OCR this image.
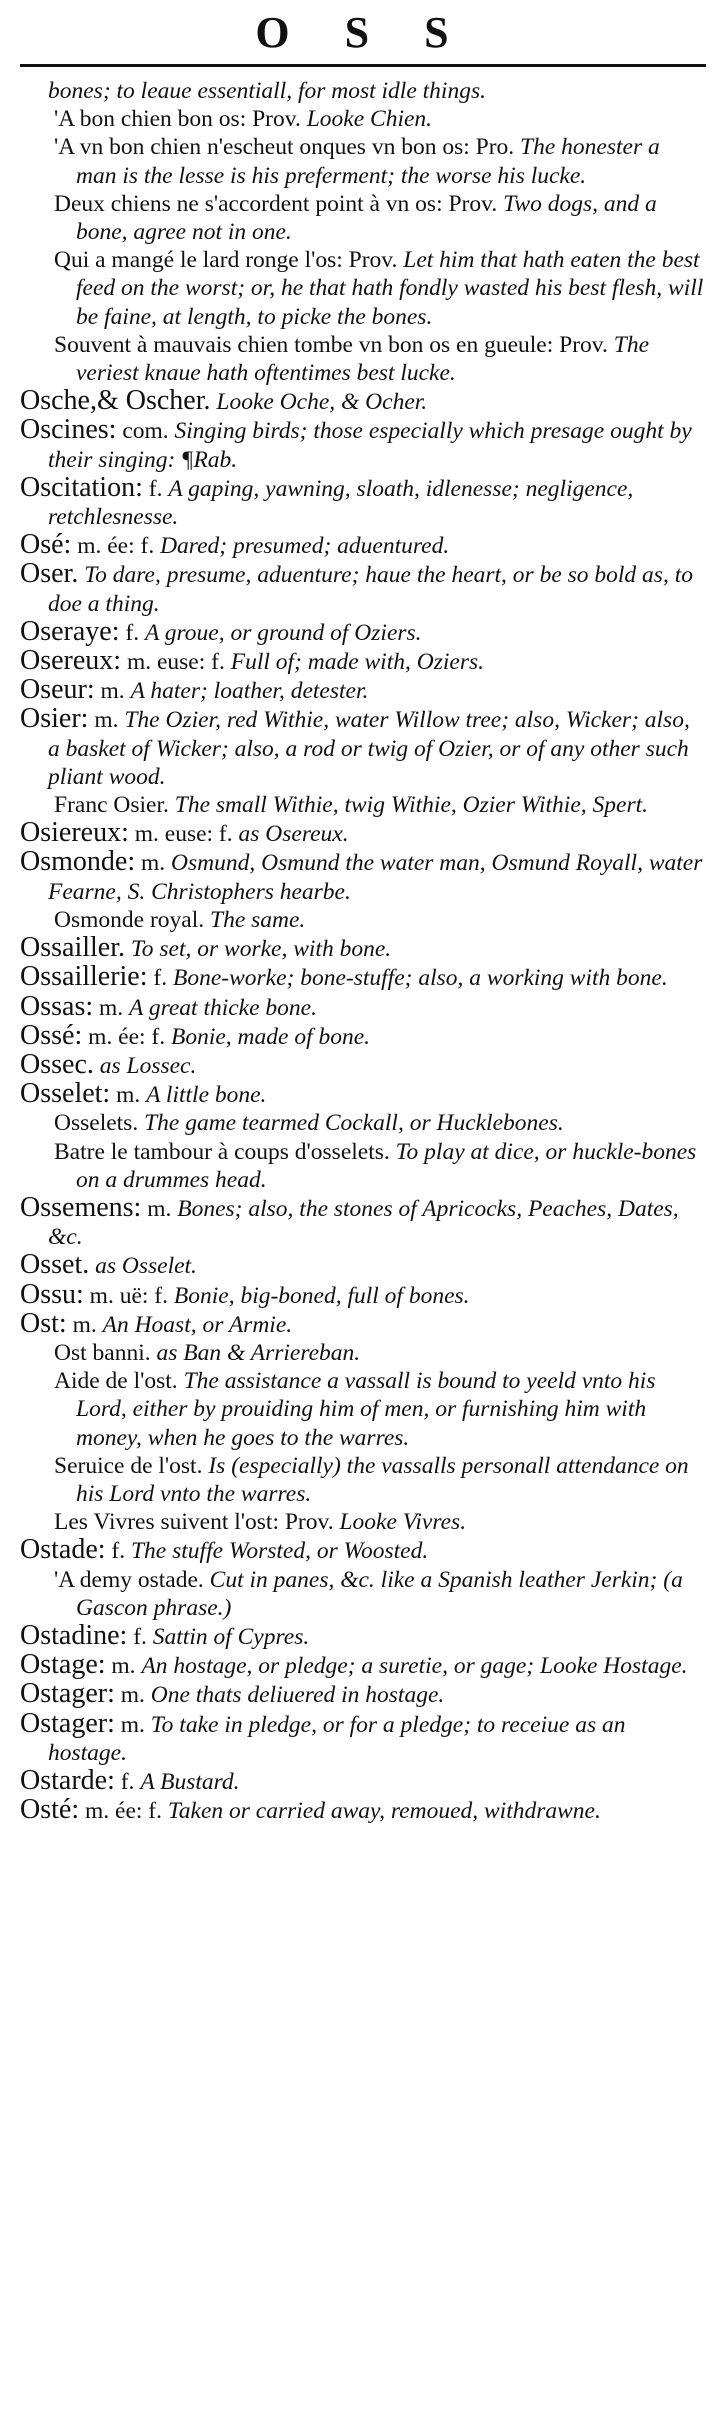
O S S

bones; to leaue essentiall, for most idle things.

'A bon chien bon os: Prov. Looke Chien.

'A vn bon chien n'escheut onques vn bon os: Pro. The honester a man is the lesse is his preferment; the worse his lucke.

Deux chiens ne s'accordent point à vn os: Prov. Two dogs, and a bone, agree not in one.

Qui a mangé le lard ronge l'os: Prov. Let him that hath eaten the best feed on the worst; or, he that hath fondly wasted his best flesh, will be faine, at length, to picke the bones.

Souvent à mauvais chien tombe vn bon os en gueule: Prov. The veriest knaue hath oftentimes best lucke.

Osche,& Oscher. Looke Oche, & Ocher.

Oscines: com. Singing birds; those especially which presage ought by their singing: ¶Rab.

Oscitation: f. A gaping, yawning, sloath, idlenesse; negligence, retchlesnesse.

Osé: m. ée: f. Dared; presumed; aduentured.

Oser. To dare, presume, aduenture; haue the heart, or be so bold as, to doe a thing.

Oseraye: f. A groue, or ground of Oziers.

Osereux: m. euse: f. Full of; made with, Oziers.

Oseur: m. A hater; loather, detester.

Osier: m. The Ozier, red Withie, water Willow tree; also, Wicker; also, a basket of Wicker; also, a rod or twig of Ozier, or of any other such pliant wood.

Franc Osier. The small Withie, twig Withie, Ozier Withie, Spert.

Osiereux: m. euse: f. as Osereux.

Osmonde: m. Osmund, Osmund the water man, Osmund Royall, water Fearne, S. Christophers hearbe.

Osmonde royal. The same.

Ossailler. To set, or worke, with bone.

Ossaillerie: f. Bone-worke; bone-stuffe; also, a working with bone.

Ossas: m. A great thicke bone.

Ossé: m. ée: f. Bonie, made of bone.

Ossec. as Lossec.

Osselet: m. A little bone.

Osselets. The game tearmed Cockall, or Hucklebones.

Batre le tambour à coups d'osselets. To play at dice, or huckle-bones on a drummes head.

Ossemens: m. Bones; also, the stones of Apricocks, Peaches, Dates, &c.

Osset. as Osselet.

Ossu: m. uë: f. Bonie, big-boned, full of bones.

Ost: m. An Hoast, or Armie.

Ost banni. as Ban & Arriereban.

Aide de l'ost. The assistance a vassall is bound to yeeld vnto his Lord, either by prouiding him of men, or furnishing him with money, when he goes to the warres.

Seruice de l'ost. Is (especially) the vassalls personall attendance on his Lord vnto the warres.

Les Vivres suivent l'ost: Prov. Looke Vivres.

Ostade: f. The stuffe Worsted, or Woosted.

'A demy ostade. Cut in panes, &c. like a Spanish leather Jerkin; (a Gascon phrase.)

Ostadine: f. Sattin of Cypres.

Ostage: m. An hostage, or pledge; a suretie, or gage; Looke Hostage.

Ostager: m. One thats deliuered in hostage.

Ostager: m. To take in pledge, or for a pledge; to receiue as an hostage.

Ostarde: f. A Bustard.

Osté: m. ée: f. Taken or carried away, remoued, withdrawne.
